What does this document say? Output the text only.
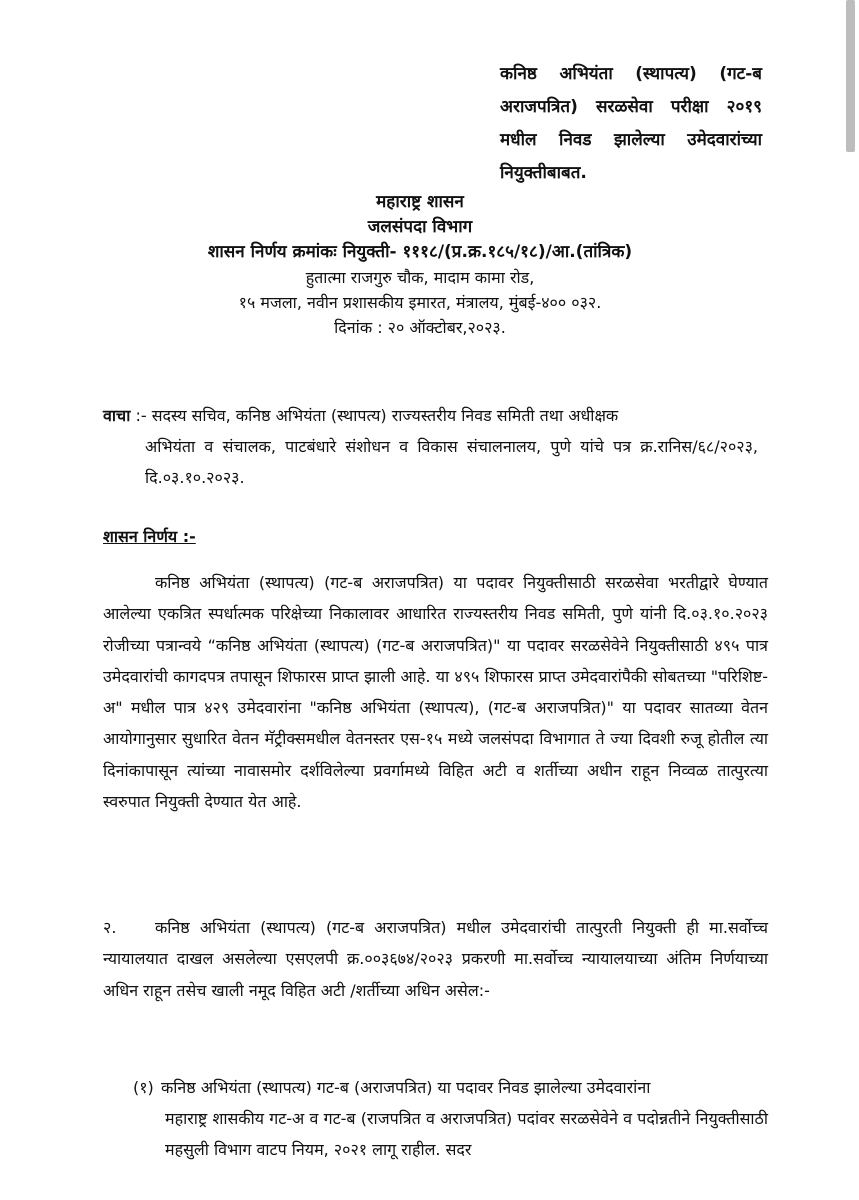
कनिष्ठ अभियंता (स्थापत्य) (गट-ब अराजपत्रित) सरळसेवा परीक्षा २०१९ मधील निवड झालेल्या उमेदवारांच्या नियुक्तीबाबत.
महाराष्ट्र शासन
जलसंपदा विभाग
शासन निर्णय क्रमांकः नियुक्ती- १११८/(प्र.क्र.१८५/१८)/आ.(तांत्रिक)
हुतात्मा राजगुरु चौक, मादाम कामा रोड,
१५ मजला, नवीन प्रशासकीय इमारत, मंत्रालय, मुंबई-४०० ०३२.
दिनांक : २० ऑक्टोबर,२०२३.
वाचा :- सदस्य सचिव, कनिष्ठ अभियंता (स्थापत्य) राज्यस्तरीय निवड समिती तथा अधीक्षक
अभियंता व संचालक, पाटबंधारे संशोधन व विकास संचालनालय, पुणे यांचे पत्र क्र.रानिस/६८/२०२३, दि.०३.१०.२०२३.
शासन निर्णय :-
कनिष्ठ अभियंता (स्थापत्य) (गट-ब अराजपत्रित) या पदावर नियुक्तीसाठी सरळसेवा भरतीद्वारे घेण्यात आलेल्या एकत्रित स्पर्धात्मक परिक्षेच्या निकालावर आधारित राज्यस्तरीय निवड समिती, पुणे यांनी दि.०३.१०.२०२३ रोजीच्या पत्रान्वये “कनिष्ठ अभियंता (स्थापत्य) (गट-ब अराजपत्रित)" या पदावर सरळसेवेने नियुक्तीसाठी ४९५ पात्र उमेदवारांची कागदपत्र तपासून शिफारस प्राप्त झाली आहे. या ४९५ शिफारस प्राप्त उमेदवारांपैकी सोबतच्या "परिशिष्ट-अ" मधील पात्र ४२९ उमेदवारांना "कनिष्ठ अभियंता (स्थापत्य), (गट-ब अराजपत्रित)" या पदावर सातव्या वेतन आयोगानुसार सुधारित वेतन मॅट्रीक्समधील वेतनस्तर एस-१५ मध्ये जलसंपदा विभागात ते ज्या दिवशी रुजू होतील त्या दिनांकापासून त्यांच्या नावासमोर दर्शविलेल्या प्रवर्गामध्ये विहित अटी व शर्तीच्या अधीन राहून निव्वळ तात्पुरत्या स्वरुपात नियुक्ती देण्यात येत आहे.
२. कनिष्ठ अभियंता (स्थापत्य) (गट-ब अराजपत्रित) मधील उमेदवारांची तात्पुरती नियुक्ती ही मा.सर्वोच्च न्यायालयात दाखल असलेल्या एसएलपी क्र.००३६७४/२०२३ प्रकरणी मा.सर्वोच्च न्यायालयाच्या अंतिम निर्णयाच्या अधिन राहून तसेच खाली नमूद विहित अटी /शर्तीच्या अधिन असेल:-
(१) कनिष्ठ अभियंता (स्थापत्य) गट-ब (अराजपत्रित) या पदावर निवड झालेल्या उमेदवारांना
महाराष्ट्र शासकीय गट-अ व गट-ब (राजपत्रित व अराजपत्रित) पदांवर सरळसेवेने व पदोन्नतीने नियुक्तीसाठी महसुली विभाग वाटप नियम, २०२१ लागू राहील. सदर
